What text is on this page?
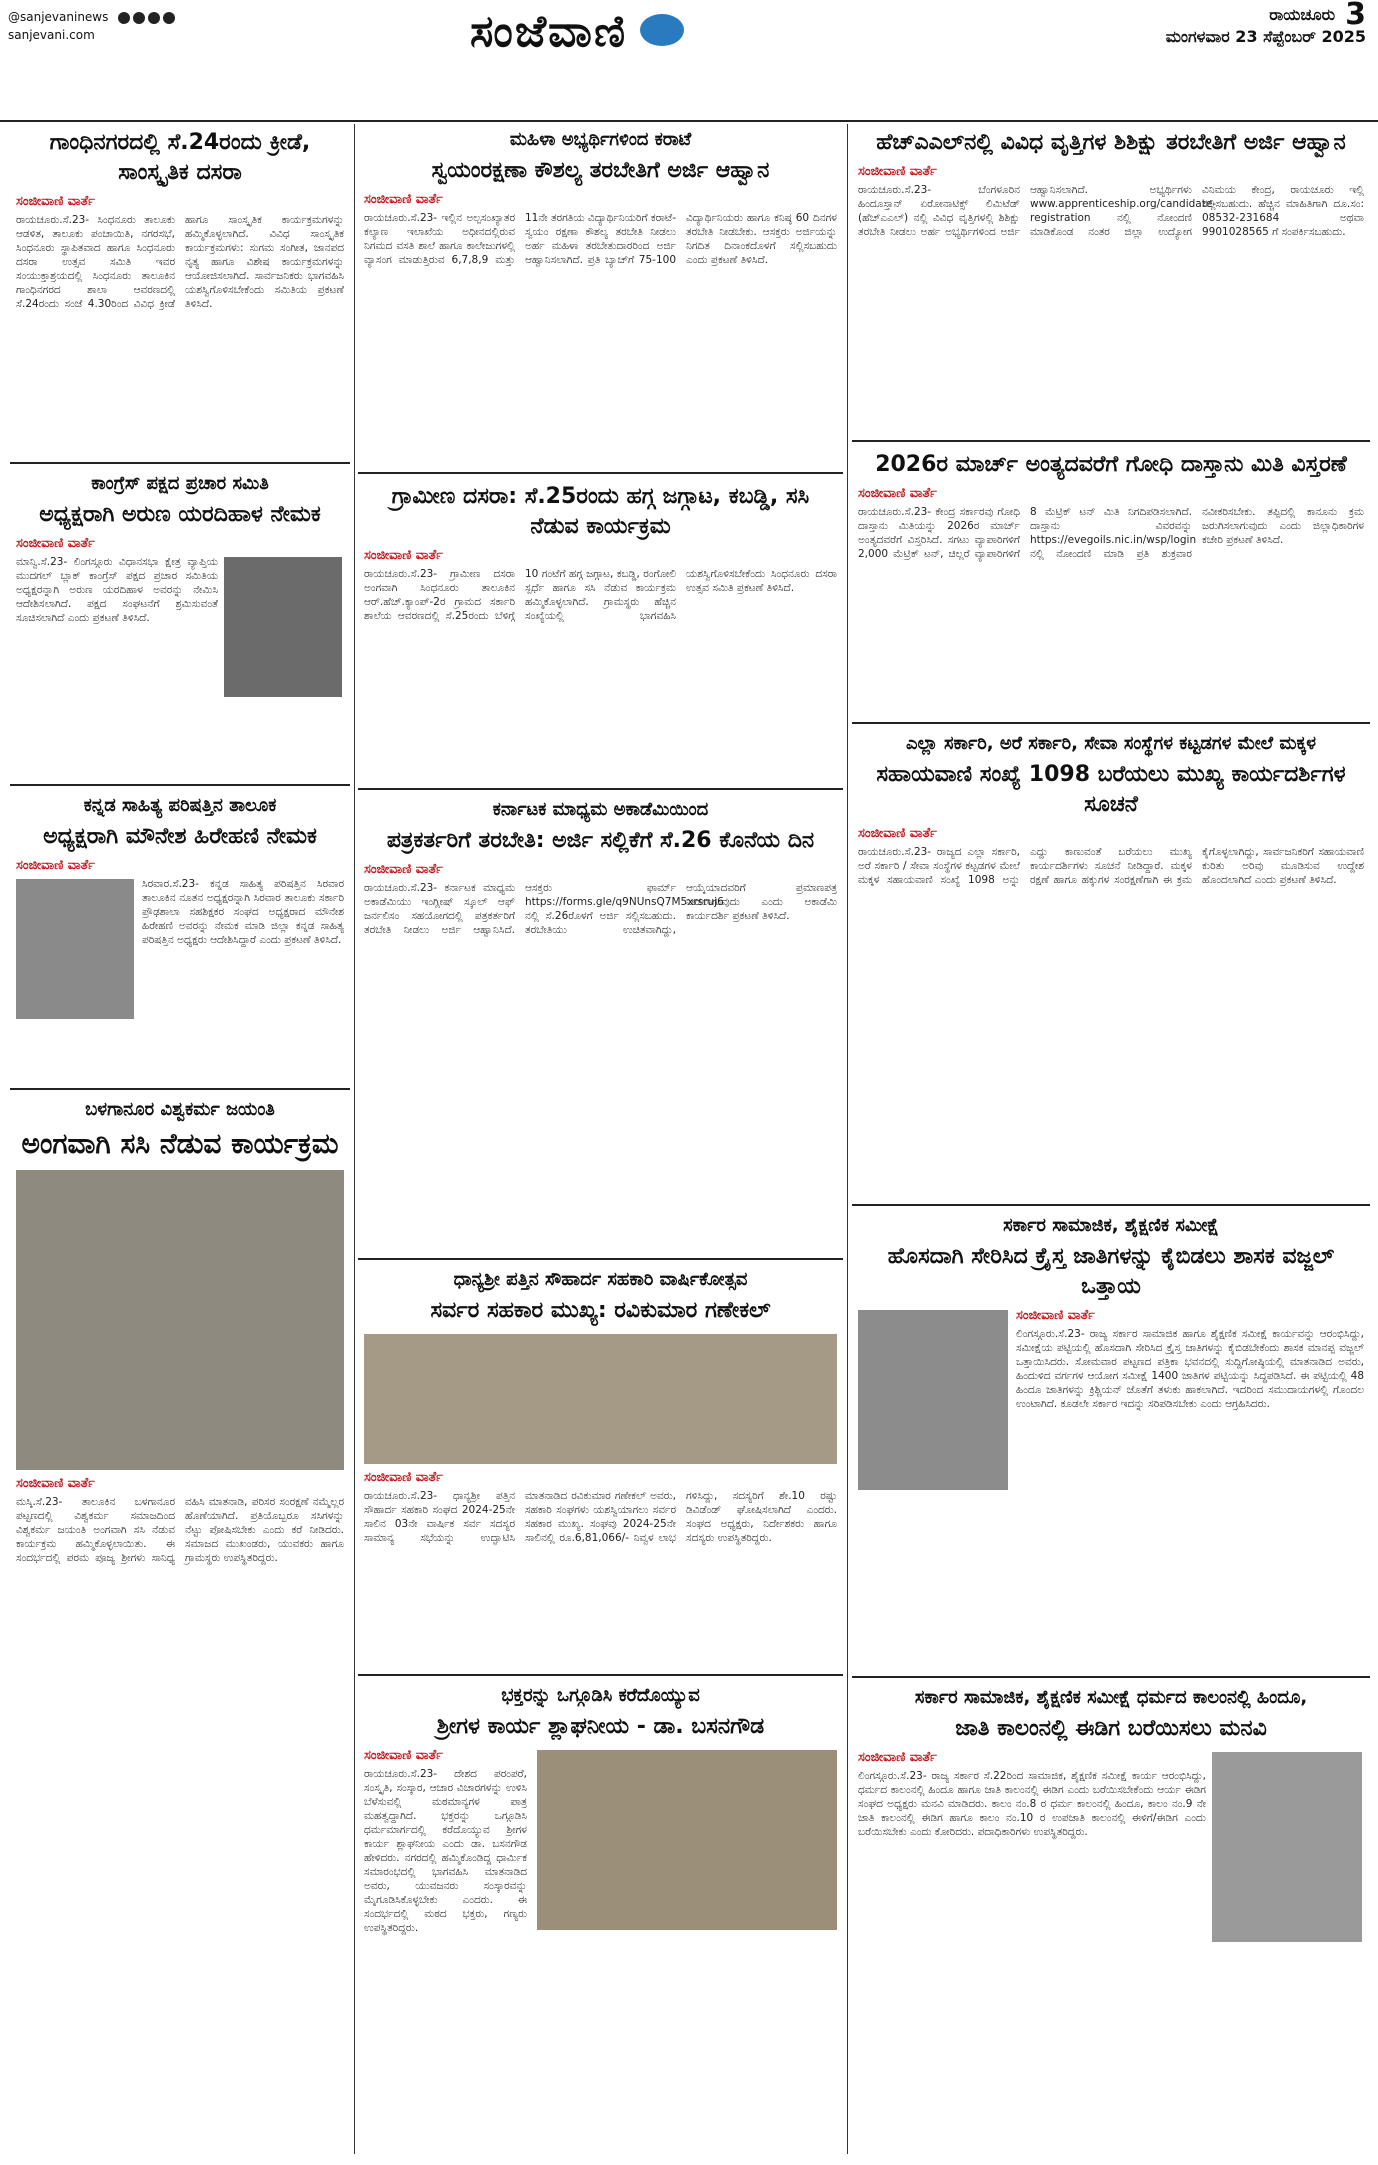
@sanjevaninews
sanjevani.com	ಸಂಜೆವಾಣಿ	ರಾಯಚೂರು 3
ಮಂಗಳವಾರ 23 ಸೆಪ್ಟೆಂಬರ್ 2025
ಗಾಂಧಿನಗರದಲ್ಲಿ ಸೆ.24ರಂದು ಕ್ರೀಡೆ, ಸಾಂಸ್ಕೃತಿಕ ದಸರಾ
ಸಂಜೀವಾಣಿ ವಾರ್ತೆ
ರಾಯಚೂರು.ಸೆ.23- ಸಿಂಧನೂರು ತಾಲೂಕು ಆಡಳಿತ, ತಾಲೂಕು ಪಂಚಾಯಿತಿ, ನಗರಸಭೆ, ಸಿಂಧನೂರು ಸ್ಥಾಪಿತವಾದ ಹಾಗೂ ಸಿಂಧನೂರು ದಸರಾ ಉತ್ಸವ ಸಮಿತಿ ಇವರ ಸಂಯುಕ್ತಾಶ್ರಯದಲ್ಲಿ ಸಿಂಧನೂರು ತಾಲೂಕಿನ ಗಾಂಧಿನಗರದ ಶಾಲಾ ಆವರಣದಲ್ಲಿ ಸೆ.24ರಂದು ಸಂಜೆ 4.30ರಿಂದ ವಿವಿಧ ಕ್ರೀಡೆ ಹಾಗೂ ಸಾಂಸ್ಕೃತಿಕ ಕಾರ್ಯಕ್ರಮಗಳನ್ನು ಹಮ್ಮಿಕೊಳ್ಳಲಾಗಿದೆ. ವಿವಿಧ ಸಾಂಸ್ಕೃತಿಕ ಕಾರ್ಯಕ್ರಮಗಳು: ಸುಗಮ ಸಂಗೀತ, ಜಾನಪದ ನೃತ್ಯ ಹಾಗೂ ವಿಶೇಷ ಕಾರ್ಯಕ್ರಮಗಳನ್ನು ಆಯೋಜಿಸಲಾಗಿದೆ. ಸಾರ್ವಜನಿಕರು ಭಾಗವಹಿಸಿ ಯಶಸ್ವಿಗೊಳಿಸಬೇಕೆಂದು ಸಮಿತಿಯ ಪ್ರಕಟಣೆ ತಿಳಿಸಿದೆ.
ಕಾಂಗ್ರೆಸ್ ಪಕ್ಷದ ಪ್ರಚಾರ ಸಮಿತಿ
ಅಧ್ಯಕ್ಷರಾಗಿ ಅರುಣ ಯರದಿಹಾಳ ನೇಮಕ
ಸಂಜೀವಾಣಿ ವಾರ್ತೆ
ಮಾನ್ವಿ.ಸೆ.23- ಲಿಂಗಸ್ಗೂರು ವಿಧಾನಸಭಾ ಕ್ಷೇತ್ರ ವ್ಯಾಪ್ತಿಯ ಮುದಗಲ್ ಬ್ಲಾಕ್ ಕಾಂಗ್ರೆಸ್ ಪಕ್ಷದ ಪ್ರಚಾರ ಸಮಿತಿಯ ಅಧ್ಯಕ್ಷರನ್ನಾಗಿ ಅರುಣ ಯರದಿಹಾಳ ಅವರನ್ನು ನೇಮಿಸಿ ಆದೇಶಿಸಲಾಗಿದೆ. ಪಕ್ಷದ ಸಂಘಟನೆಗೆ ಶ್ರಮಿಸುವಂತೆ ಸೂಚಿಸಲಾಗಿದೆ ಎಂದು ಪ್ರಕಟಣೆ ತಿಳಿಸಿದೆ.
ಕನ್ನಡ ಸಾಹಿತ್ಯ ಪರಿಷತ್ತಿನ ತಾಲೂಕ
ಅಧ್ಯಕ್ಷರಾಗಿ ಮೌನೇಶ ಹಿರೇಹಣಿ ನೇಮಕ
ಸಂಜೀವಾಣಿ ವಾರ್ತೆ
ಸಿರವಾರ.ಸೆ.23- ಕನ್ನಡ ಸಾಹಿತ್ಯ ಪರಿಷತ್ತಿನ ಸಿರವಾರ ತಾಲೂಕಿನ ನೂತನ ಅಧ್ಯಕ್ಷರನ್ನಾಗಿ ಸಿರವಾರ ತಾಲೂಕು ಸರ್ಕಾರಿ ಪ್ರೌಢಶಾಲಾ ಸಹಶಿಕ್ಷಕರ ಸಂಘದ ಅಧ್ಯಕ್ಷರಾದ ಮೌನೇಶ ಹಿರೇಹಣಿ ಅವರನ್ನು ನೇಮಕ ಮಾಡಿ ಜಿಲ್ಲಾ ಕನ್ನಡ ಸಾಹಿತ್ಯ ಪರಿಷತ್ತಿನ ಅಧ್ಯಕ್ಷರು ಆದೇಶಿಸಿದ್ದಾರೆ ಎಂದು ಪ್ರಕಟಣೆ ತಿಳಿಸಿದೆ.
ಬಳಗಾನೂರ ವಿಶ್ವಕರ್ಮ ಜಯಂತಿ
ಅಂಗವಾಗಿ ಸಸಿ ನೆಡುವ ಕಾರ್ಯಕ್ರಮ
ಸಂಜೀವಾಣಿ ವಾರ್ತೆ
ಮಸ್ಕಿ.ಸೆ.23- ತಾಲೂಕಿನ ಬಳಗಾನೂರ ಪಟ್ಟಣದಲ್ಲಿ ವಿಶ್ವಕರ್ಮ ಸಮಾಜದಿಂದ ವಿಶ್ವಕರ್ಮ ಜಯಂತಿ ಅಂಗವಾಗಿ ಸಸಿ ನೆಡುವ ಕಾರ್ಯಕ್ರಮ ಹಮ್ಮಿಕೊಳ್ಳಲಾಯಿತು. ಈ ಸಂದರ್ಭದಲ್ಲಿ ಪರಮ ಪೂಜ್ಯ ಶ್ರೀಗಳು ಸಾನಿಧ್ಯ ವಹಿಸಿ ಮಾತನಾಡಿ, ಪರಿಸರ ಸಂರಕ್ಷಣೆ ನಮ್ಮೆಲ್ಲರ ಹೊಣೆಯಾಗಿದೆ. ಪ್ರತಿಯೊಬ್ಬರೂ ಸಸಿಗಳನ್ನು ನೆಟ್ಟು ಪೋಷಿಸಬೇಕು ಎಂದು ಕರೆ ನೀಡಿದರು. ಸಮಾಜದ ಮುಖಂಡರು, ಯುವಕರು ಹಾಗೂ ಗ್ರಾಮಸ್ಥರು ಉಪಸ್ಥಿತರಿದ್ದರು.
ಮಹಿಳಾ ಅಭ್ಯರ್ಥಿಗಳಿಂದ ಕರಾಟೆ
ಸ್ವಯಂರಕ್ಷಣಾ ಕೌಶಲ್ಯ ತರಬೇತಿಗೆ ಅರ್ಜಿ ಆಹ್ವಾನ
ಸಂಜೀವಾಣಿ ವಾರ್ತೆ
ರಾಯಚೂರು.ಸೆ.23- ಇಲ್ಲಿನ ಅಲ್ಪಸಂಖ್ಯಾತರ ಕಲ್ಯಾಣ ಇಲಾಖೆಯ ಅಧೀನದಲ್ಲಿರುವ ನಿಗಮದ ವಸತಿ ಶಾಲೆ ಹಾಗೂ ಕಾಲೇಜುಗಳಲ್ಲಿ ವ್ಯಾಸಂಗ ಮಾಡುತ್ತಿರುವ 6,7,8,9 ಮತ್ತು 11ನೇ ತರಗತಿಯ ವಿದ್ಯಾರ್ಥಿನಿಯರಿಗೆ ಕರಾಟೆ-ಸ್ವಯಂ ರಕ್ಷಣಾ ಕೌಶಲ್ಯ ತರಬೇತಿ ನೀಡಲು ಅರ್ಹ ಮಹಿಳಾ ತರಬೇತುದಾರರಿಂದ ಅರ್ಜಿ ಆಹ್ವಾನಿಸಲಾಗಿದೆ. ಪ್ರತಿ ಬ್ಯಾಚ್‌ಗೆ 75-100 ವಿದ್ಯಾರ್ಥಿನಿಯರು ಹಾಗೂ ಕನಿಷ್ಠ 60 ದಿನಗಳ ತರಬೇತಿ ನೀಡಬೇಕು. ಆಸಕ್ತರು ಅರ್ಜಿಯನ್ನು ನಿಗದಿತ ದಿನಾಂಕದೊಳಗೆ ಸಲ್ಲಿಸಬಹುದು ಎಂದು ಪ್ರಕಟಣೆ ತಿಳಿಸಿದೆ.
ಗ್ರಾಮೀಣ ದಸರಾ: ಸೆ.25ರಂದು ಹಗ್ಗ ಜಗ್ಗಾಟ, ಕಬಡ್ಡಿ, ಸಸಿ ನೆಡುವ ಕಾರ್ಯಕ್ರಮ
ಸಂಜೀವಾಣಿ ವಾರ್ತೆ
ರಾಯಚೂರು.ಸೆ.23- ಗ್ರಾಮೀಣ ದಸರಾ ಅಂಗವಾಗಿ ಸಿಂಧನೂರು ತಾಲೂಕಿನ ಆರ್.ಹೆಚ್.ಕ್ಯಾಂಪ್-2ರ ಗ್ರಾಮದ ಸರ್ಕಾರಿ ಶಾಲೆಯ ಆವರಣದಲ್ಲಿ ಸೆ.25ರಂದು ಬೆಳಿಗ್ಗೆ 10 ಗಂಟೆಗೆ ಹಗ್ಗ ಜಗ್ಗಾಟ, ಕಬಡ್ಡಿ, ರಂಗೋಲಿ ಸ್ಪರ್ಧೆ ಹಾಗೂ ಸಸಿ ನೆಡುವ ಕಾರ್ಯಕ್ರಮ ಹಮ್ಮಿಕೊಳ್ಳಲಾಗಿದೆ. ಗ್ರಾಮಸ್ಥರು ಹೆಚ್ಚಿನ ಸಂಖ್ಯೆಯಲ್ಲಿ ಭಾಗವಹಿಸಿ ಯಶಸ್ವಿಗೊಳಿಸಬೇಕೆಂದು ಸಿಂಧನೂರು ದಸರಾ ಉತ್ಸವ ಸಮಿತಿ ಪ್ರಕಟಣೆ ತಿಳಿಸಿದೆ.
ಕರ್ನಾಟಕ ಮಾಧ್ಯಮ ಅಕಾಡೆಮಿಯಿಂದ
ಪತ್ರಕರ್ತರಿಗೆ ತರಬೇತಿ: ಅರ್ಜಿ ಸಲ್ಲಿಕೆಗೆ ಸೆ.26 ಕೊನೆಯ ದಿನ
ಸಂಜೀವಾಣಿ ವಾರ್ತೆ
ರಾಯಚೂರು.ಸೆ.23- ಕರ್ನಾಟಕ ಮಾಧ್ಯಮ ಅಕಾಡೆಮಿಯು ಇಂಗ್ಲೀಷ್ ಸ್ಕೂಲ್ ಆಫ್ ಜರ್ನಲಿಸಂ ಸಹಯೋಗದಲ್ಲಿ ಪತ್ರಕರ್ತರಿಗೆ ತರಬೇತಿ ನೀಡಲು ಅರ್ಜಿ ಆಹ್ವಾನಿಸಿದೆ. ಆಸಕ್ತರು ಫಾರ್ಮ್ https://forms.gle/q9NUnsQ7M5xrsruj6 ನಲ್ಲಿ ಸೆ.26ರೊಳಗೆ ಅರ್ಜಿ ಸಲ್ಲಿಸಬಹುದು. ತರಬೇತಿಯು ಉಚಿತವಾಗಿದ್ದು, ಆಯ್ಕೆಯಾದವರಿಗೆ ಪ್ರಮಾಣಪತ್ರ ನೀಡಲಾಗುವುದು ಎಂದು ಅಕಾಡೆಮಿ ಕಾರ್ಯದರ್ಶಿ ಪ್ರಕಟಣೆ ತಿಳಿಸಿದೆ.
ಧಾನ್ಯಶ್ರೀ ಪತ್ತಿನ ಸೌಹಾರ್ದ ಸಹಕಾರಿ ವಾರ್ಷಿಕೋತ್ಸವ
ಸರ್ವರ ಸಹಕಾರ ಮುಖ್ಯ: ರವಿಕುಮಾರ ಗಣೇಕಲ್
ಸಂಜೀವಾಣಿ ವಾರ್ತೆ
ರಾಯಚೂರು.ಸೆ.23- ಧಾನ್ಯಶ್ರೀ ಪತ್ತಿನ ಸೌಹಾರ್ದ ಸಹಕಾರಿ ಸಂಘದ 2024-25ನೇ ಸಾಲಿನ 03ನೇ ವಾರ್ಷಿಕ ಸರ್ವ ಸದಸ್ಯರ ಸಾಮಾನ್ಯ ಸಭೆಯನ್ನು ಉದ್ಘಾಟಿಸಿ ಮಾತನಾಡಿದ ರವಿಕುಮಾರ ಗಣೇಕಲ್ ಅವರು, ಸಹಕಾರಿ ಸಂಘಗಳು ಯಶಸ್ವಿಯಾಗಲು ಸರ್ವರ ಸಹಕಾರ ಮುಖ್ಯ. ಸಂಘವು 2024-25ನೇ ಸಾಲಿನಲ್ಲಿ ರೂ.6,81,066/- ನಿವ್ವಳ ಲಾಭ ಗಳಿಸಿದ್ದು, ಸದಸ್ಯರಿಗೆ ಶೇ.10 ರಷ್ಟು ಡಿವಿಡೆಂಡ್ ಘೋಷಿಸಲಾಗಿದೆ ಎಂದರು. ಸಂಘದ ಅಧ್ಯಕ್ಷರು, ನಿರ್ದೇಶಕರು ಹಾಗೂ ಸದಸ್ಯರು ಉಪಸ್ಥಿತರಿದ್ದರು.
ಭಕ್ತರನ್ನು ಒಗ್ಗೂಡಿಸಿ ಕರೆದೊಯ್ಯುವ
ಶ್ರೀಗಳ ಕಾರ್ಯ ಶ್ಲಾಘನೀಯ - ಡಾ. ಬಸನಗೌಡ
ಸಂಜೀವಾಣಿ ವಾರ್ತೆ
ರಾಯಚೂರು.ಸೆ.23- ದೇಶದ ಪರಂಪರೆ, ಸಂಸ್ಕೃತಿ, ಸಂಸ್ಕಾರ, ಆಚಾರ ವಿಚಾರಗಳನ್ನು ಉಳಿಸಿ ಬೆಳೆಸುವಲ್ಲಿ ಮಠಮಾನ್ಯಗಳ ಪಾತ್ರ ಮಹತ್ವದ್ದಾಗಿದೆ. ಭಕ್ತರನ್ನು ಒಗ್ಗೂಡಿಸಿ ಧರ್ಮಮಾರ್ಗದಲ್ಲಿ ಕರೆದೊಯ್ಯುವ ಶ್ರೀಗಳ ಕಾರ್ಯ ಶ್ಲಾಘನೀಯ ಎಂದು ಡಾ. ಬಸನಗೌಡ ಹೇಳಿದರು. ನಗರದಲ್ಲಿ ಹಮ್ಮಿಕೊಂಡಿದ್ದ ಧಾರ್ಮಿಕ ಸಮಾರಂಭದಲ್ಲಿ ಭಾಗವಹಿಸಿ ಮಾತನಾಡಿದ ಅವರು, ಯುವಜನರು ಸಂಸ್ಕಾರವನ್ನು ಮೈಗೂಡಿಸಿಕೊಳ್ಳಬೇಕು ಎಂದರು. ಈ ಸಂದರ್ಭದಲ್ಲಿ ಮಠದ ಭಕ್ತರು, ಗಣ್ಯರು ಉಪಸ್ಥಿತರಿದ್ದರು.
ಹೆಚ್‌ಎಎಲ್‌ನಲ್ಲಿ ವಿವಿಧ ವೃತ್ತಿಗಳ ಶಿಶಿಕ್ಷು ತರಬೇತಿಗೆ ಅರ್ಜಿ ಆಹ್ವಾನ
ಸಂಜೀವಾಣಿ ವಾರ್ತೆ
ರಾಯಚೂರು.ಸೆ.23- ಬೆಂಗಳೂರಿನ ಹಿಂದೂಸ್ತಾನ್ ಏರೋನಾಟಿಕ್ಸ್ ಲಿಮಿಟೆಡ್ (ಹೆಚ್‌ಎಎಲ್) ನಲ್ಲಿ ವಿವಿಧ ವೃತ್ತಿಗಳಲ್ಲಿ ಶಿಶಿಕ್ಷು ತರಬೇತಿ ನೀಡಲು ಅರ್ಹ ಅಭ್ಯರ್ಥಿಗಳಿಂದ ಅರ್ಜಿ ಆಹ್ವಾನಿಸಲಾಗಿದೆ. ಅಭ್ಯರ್ಥಿಗಳು www.apprenticeship.org/candidate-registration ನಲ್ಲಿ ನೋಂದಣಿ ಮಾಡಿಕೊಂಡ ನಂತರ ಜಿಲ್ಲಾ ಉದ್ಯೋಗ ವಿನಿಮಯ ಕೇಂದ್ರ, ರಾಯಚೂರು ಇಲ್ಲಿ ಸಲ್ಲಿಸಬಹುದು. ಹೆಚ್ಚಿನ ಮಾಹಿತಿಗಾಗಿ ದೂ.ಸಂ: 08532-231684 ಅಥವಾ 9901028565 ಗೆ ಸಂಪರ್ಕಿಸಬಹುದು.
2026ರ ಮಾರ್ಚ್ ಅಂತ್ಯದವರೆಗೆ ಗೋಧಿ ದಾಸ್ತಾನು ಮಿತಿ ವಿಸ್ತರಣೆ
ಸಂಜೀವಾಣಿ ವಾರ್ತೆ
ರಾಯಚೂರು.ಸೆ.23- ಕೇಂದ್ರ ಸರ್ಕಾರವು ಗೋಧಿ ದಾಸ್ತಾನು ಮಿತಿಯನ್ನು 2026ರ ಮಾರ್ಚ್ ಅಂತ್ಯದವರೆಗೆ ವಿಸ್ತರಿಸಿದೆ. ಸಗಟು ವ್ಯಾಪಾರಿಗಳಿಗೆ 2,000 ಮೆಟ್ರಿಕ್ ಟನ್, ಚಿಲ್ಲರೆ ವ್ಯಾಪಾರಿಗಳಿಗೆ 8 ಮೆಟ್ರಿಕ್ ಟನ್ ಮಿತಿ ನಿಗದಿಪಡಿಸಲಾಗಿದೆ. ದಾಸ್ತಾನು ವಿವರವನ್ನು https://evegoils.nic.in/wsp/login ನಲ್ಲಿ ನೋಂದಣಿ ಮಾಡಿ ಪ್ರತಿ ಶುಕ್ರವಾರ ನವೀಕರಿಸಬೇಕು. ತಪ್ಪಿದಲ್ಲಿ ಕಾನೂನು ಕ್ರಮ ಜರುಗಿಸಲಾಗುವುದು ಎಂದು ಜಿಲ್ಲಾಧಿಕಾರಿಗಳ ಕಚೇರಿ ಪ್ರಕಟಣೆ ತಿಳಿಸಿದೆ.
ಎಲ್ಲಾ ಸರ್ಕಾರಿ, ಅರೆ ಸರ್ಕಾರಿ, ಸೇವಾ ಸಂಸ್ಥೆಗಳ ಕಟ್ಟಡಗಳ ಮೇಲೆ ಮಕ್ಕಳ
ಸಹಾಯವಾಣಿ ಸಂಖ್ಯೆ 1098 ಬರೆಯಲು ಮುಖ್ಯ ಕಾರ್ಯದರ್ಶಿಗಳ ಸೂಚನೆ
ಸಂಜೀವಾಣಿ ವಾರ್ತೆ
ರಾಯಚೂರು.ಸೆ.23- ರಾಜ್ಯದ ಎಲ್ಲಾ ಸರ್ಕಾರಿ, ಅರೆ ಸರ್ಕಾರಿ / ಸೇವಾ ಸಂಸ್ಥೆಗಳ ಕಟ್ಟಡಗಳ ಮೇಲೆ ಮಕ್ಕಳ ಸಹಾಯವಾಣಿ ಸಂಖ್ಯೆ 1098 ಅನ್ನು ಎದ್ದು ಕಾಣುವಂತೆ ಬರೆಯಲು ಮುಖ್ಯ ಕಾರ್ಯದರ್ಶಿಗಳು ಸೂಚನೆ ನೀಡಿದ್ದಾರೆ. ಮಕ್ಕಳ ರಕ್ಷಣೆ ಹಾಗೂ ಹಕ್ಕುಗಳ ಸಂರಕ್ಷಣೆಗಾಗಿ ಈ ಕ್ರಮ ಕೈಗೊಳ್ಳಲಾಗಿದ್ದು, ಸಾರ್ವಜನಿಕರಿಗೆ ಸಹಾಯವಾಣಿ ಕುರಿತು ಅರಿವು ಮೂಡಿಸುವ ಉದ್ದೇಶ ಹೊಂದಲಾಗಿದೆ ಎಂದು ಪ್ರಕಟಣೆ ತಿಳಿಸಿದೆ.
ಸರ್ಕಾರ ಸಾಮಾಜಿಕ, ಶೈಕ್ಷಣಿಕ ಸಮೀಕ್ಷೆ
ಹೊಸದಾಗಿ ಸೇರಿಸಿದ ಕ್ರೈಸ್ತ ಜಾತಿಗಳನ್ನು ಕೈಬಿಡಲು ಶಾಸಕ ವಜ್ಜಲ್ ಒತ್ತಾಯ
ಸಂಜೀವಾಣಿ ವಾರ್ತೆ
ಲಿಂಗಸ್ಗೂರು.ಸೆ.23- ರಾಜ್ಯ ಸರ್ಕಾರ ಸಾಮಾಜಿಕ ಹಾಗೂ ಶೈಕ್ಷಣಿಕ ಸಮೀಕ್ಷೆ ಕಾರ್ಯವನ್ನು ಆರಂಭಿಸಿದ್ದು, ಸಮೀಕ್ಷೆಯ ಪಟ್ಟಿಯಲ್ಲಿ ಹೊಸದಾಗಿ ಸೇರಿಸಿದ ಕ್ರೈಸ್ತ ಜಾತಿಗಳನ್ನು ಕೈಬಿಡಬೇಕೆಂದು ಶಾಸಕ ಮಾನಪ್ಪ ವಜ್ಜಲ್ ಒತ್ತಾಯಿಸಿದರು. ಸೋಮವಾರ ಪಟ್ಟಣದ ಪತ್ರಿಕಾ ಭವನದಲ್ಲಿ ಸುದ್ದಿಗೋಷ್ಠಿಯಲ್ಲಿ ಮಾತನಾಡಿದ ಅವರು, ಹಿಂದುಳಿದ ವರ್ಗಗಳ ಆಯೋಗ ಸಮೀಕ್ಷೆ 1400 ಜಾತಿಗಳ ಪಟ್ಟಿಯನ್ನು ಸಿದ್ಧಪಡಿಸಿದೆ. ಈ ಪಟ್ಟಿಯಲ್ಲಿ 48 ಹಿಂದೂ ಜಾತಿಗಳನ್ನು ಕ್ರಿಶ್ಚಿಯನ್ ಜೊತೆಗೆ ತಳುಕು ಹಾಕಲಾಗಿದೆ. ಇದರಿಂದ ಸಮುದಾಯಗಳಲ್ಲಿ ಗೊಂದಲ ಉಂಟಾಗಿದೆ. ಕೂಡಲೇ ಸರ್ಕಾರ ಇದನ್ನು ಸರಿಪಡಿಸಬೇಕು ಎಂದು ಆಗ್ರಹಿಸಿದರು.
ಸರ್ಕಾರ ಸಾಮಾಜಿಕ, ಶೈಕ್ಷಣಿಕ ಸಮೀಕ್ಷೆ ಧರ್ಮದ ಕಾಲಂನಲ್ಲಿ ಹಿಂದೂ,
ಜಾತಿ ಕಾಲಂನಲ್ಲಿ ಈಡಿಗ ಬರೆಯಿಸಲು ಮನವಿ
ಸಂಜೀವಾಣಿ ವಾರ್ತೆ
ಲಿಂಗಸ್ಗೂರು.ಸೆ.23- ರಾಜ್ಯ ಸರ್ಕಾರ ಸೆ.22ರಿಂದ ಸಾಮಾಜಿಕ, ಶೈಕ್ಷಣಿಕ ಸಮೀಕ್ಷೆ ಕಾರ್ಯ ಆರಂಭಿಸಿದ್ದು, ಧರ್ಮದ ಕಾಲಂನಲ್ಲಿ ಹಿಂದೂ ಹಾಗೂ ಜಾತಿ ಕಾಲಂನಲ್ಲಿ ಈಡಿಗ ಎಂದು ಬರೆಯಿಸಬೇಕೆಂದು ಆರ್ಯ ಈಡಿಗ ಸಂಘದ ಅಧ್ಯಕ್ಷರು ಮನವಿ ಮಾಡಿದರು. ಕಾಲಂ ನಂ.8 ರ ಧರ್ಮ ಕಾಲಂನಲ್ಲಿ ಹಿಂದೂ, ಕಾಲಂ ನಂ.9 ನೇ ಜಾತಿ ಕಾಲಂನಲ್ಲಿ ಈಡಿಗ ಹಾಗೂ ಕಾಲಂ ನಂ.10 ರ ಉಪಜಾತಿ ಕಾಲಂನಲ್ಲಿ ಈಳಿಗೆ/ಈಡಿಗ ಎಂದು ಬರೆಯಿಸಬೇಕು ಎಂದು ಕೋರಿದರು. ಪದಾಧಿಕಾರಿಗಳು ಉಪಸ್ಥಿತರಿದ್ದರು.
